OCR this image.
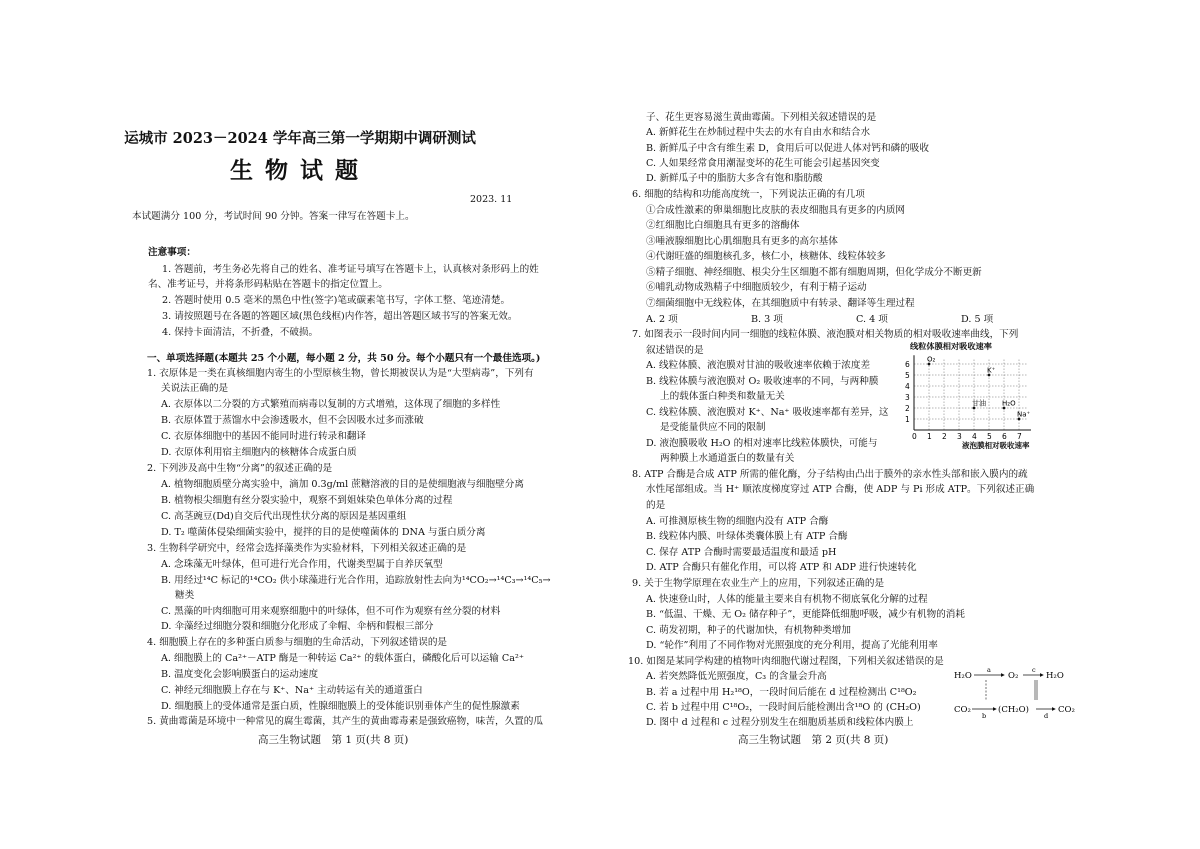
运城市 2023－2024 学年高三第一学期期中调研测试
生物试题
2023. 11
本试题满分 100 分，考试时间 90 分钟。答案一律写在答题卡上。
注意事项：
1. 答题前，考生务必先将自己的姓名、准考证号填写在答题卡上，认真核对条形码上的姓
名、准考证号，并将条形码粘贴在答题卡的指定位置上。
2. 答题时使用 0.5 毫米的黑色中性(签字)笔或碳素笔书写，字体工整、笔迹清楚。
3. 请按照题号在各题的答题区域(黑色线框)内作答，超出答题区域书写的答案无效。
4. 保持卡面清洁，不折叠，不破损。
一、单项选择题(本题共 25 个小题，每小题 2 分，共 50 分。每个小题只有一个最佳选项。)
1. 衣原体是一类在真核细胞内寄生的小型原核生物，曾长期被误认为是“大型病毒”，下列有
关说法正确的是
A. 衣原体以二分裂的方式繁殖而病毒以复制的方式增殖，这体现了细胞的多样性
B. 衣原体置于蒸馏水中会渗透吸水，但不会因吸水过多而涨破
C. 衣原体细胞中的基因不能同时进行转录和翻译
D. 衣原体利用宿主细胞内的核糖体合成蛋白质
2. 下列涉及高中生物“分离”的叙述正确的是
A. 植物细胞质壁分离实验中，滴加 0.3g/ml 蔗糖溶液的目的是使细胞液与细胞壁分离
B. 植物根尖细胞有丝分裂实验中，观察不到姐妹染色单体分离的过程
C. 高茎豌豆(Dd)自交后代出现性状分离的原因是基因重组
D. T₂ 噬菌体侵染细菌实验中，搅拌的目的是使噬菌体的 DNA 与蛋白质分离
3. 生物科学研究中，经常会选择藻类作为实验材料，下列相关叙述正确的是
A. 念珠藻无叶绿体，但可进行光合作用，代谢类型属于自养厌氧型
B. 用经过¹⁴C 标记的¹⁴CO₂ 供小球藻进行光合作用，追踪放射性去向为¹⁴CO₂→¹⁴C₃→¹⁴C₅→
糖类
C. 黑藻的叶肉细胞可用来观察细胞中的叶绿体，但不可作为观察有丝分裂的材料
D. 伞藻经过细胞分裂和细胞分化形成了伞帽、伞柄和假根三部分
4. 细胞膜上存在的多种蛋白质参与细胞的生命活动，下列叙述错误的是
A. 细胞膜上的 Ca²⁺－ATP 酶是一种转运 Ca²⁺ 的载体蛋白，磷酸化后可以运输 Ca²⁺
B. 温度变化会影响膜蛋白的运动速度
C. 神经元细胞膜上存在与 K⁺、Na⁺ 主动转运有关的通道蛋白
D. 细胞膜上的受体通常是蛋白质，性腺细胞膜上的受体能识别垂体产生的促性腺激素
5. 黄曲霉菌是环境中一种常见的腐生霉菌，其产生的黄曲霉毒素是强致癌物，味苦，久置的瓜
高三生物试题　第 1 页(共 8 页)
子、花生更容易滋生黄曲霉菌。下列相关叙述错误的是
A. 新鲜花生在炒制过程中失去的水有自由水和结合水
B. 新鲜瓜子中含有维生素 D，食用后可以促进人体对钙和磷的吸收
C. 人如果经常食用潮湿变坏的花生可能会引起基因突变
D. 新鲜瓜子中的脂肪大多含有饱和脂肪酸
6. 细胞的结构和功能高度统一，下列说法正确的有几项
①合成性激素的卵巢细胞比皮肤的表皮细胞具有更多的内质网
②红细胞比白细胞具有更多的溶酶体
③唾液腺细胞比心肌细胞具有更多的高尔基体
④代谢旺盛的细胞核孔多，核仁小，核糖体、线粒体较多
⑤精子细胞、神经细胞、根尖分生区细胞不都有细胞周期，但化学成分不断更新
⑥哺乳动物成熟精子中细胞质较少，有利于精子运动
⑦细菌细胞中无线粒体，在其细胞质中有转录、翻译等生理过程
A. 2 项	B. 3 项	C. 4 项	D. 5 项
7. 如图表示一段时间内同一细胞的线粒体膜、液泡膜对相关物质的相对吸收速率曲线，下列
叙述错误的是
A. 线粒体膜、液泡膜对甘油的吸收速率依赖于浓度差
B. 线粒体膜与液泡膜对 O₂ 吸收速率的不同，与两种膜
上的载体蛋白种类和数量无关
C. 线粒体膜、液泡膜对 K⁺、Na⁺ 吸收速率都有差异，这
是受能量供应不同的限制
D. 液泡膜吸收 H₂O 的相对速率比线粒体膜快，可能与
两种膜上水通道蛋白的数量有关
线粒体膜相对吸收速率
0 1 2 3 4 5 6 7
1
2
3
4
5
6
O₂
K⁺
甘油 H₂O
Na⁺
液泡膜相对吸收速率
8. ATP 合酶是合成 ATP 所需的催化酶，分子结构由凸出于膜外的亲水性头部和嵌入膜内的疏
水性尾部组成。当 H⁺ 顺浓度梯度穿过 ATP 合酶，使 ADP 与 Pi 形成 ATP。下列叙述正确
的是
A. 可推测原核生物的细胞内没有 ATP 合酶
B. 线粒体内膜、叶绿体类囊体膜上有 ATP 合酶
C. 保存 ATP 合酶时需要最适温度和最适 pH
D. ATP 合酶只有催化作用，可以将 ATP 和 ADP 进行快速转化
9. 关于生物学原理在农业生产上的应用，下列叙述正确的是
A. 快速登山时，人体的能量主要来自有机物不彻底氧化分解的过程
B. “低温、干燥、无 O₂ 储存种子”，更能降低细胞呼吸，减少有机物的消耗
C. 萌发初期，种子的代谢加快，有机物种类增加
D. “轮作”利用了不同作物对光照强度的充分利用，提高了光能利用率
10. 如图是某同学构建的植物叶肉细胞代谢过程图，下列相关叙述错误的是
A. 若突然降低光照强度，C₃ 的含量会升高
B. 若 a 过程中用 H₂¹⁸O，一段时间后能在 d 过程检测出 C¹⁸O₂
C. 若 b 过程中用 C¹⁸O₂，一段时间后能检测出含¹⁸O 的 (CH₂O)
D. 图中 d 过程和 c 过程分别发生在细胞质基质和线粒体内膜上
H₂O
a
O₂
c
H₂O
CO₂
b
(CH₂O)
d
CO₂
高三生物试题　第 2 页(共 8 页)
